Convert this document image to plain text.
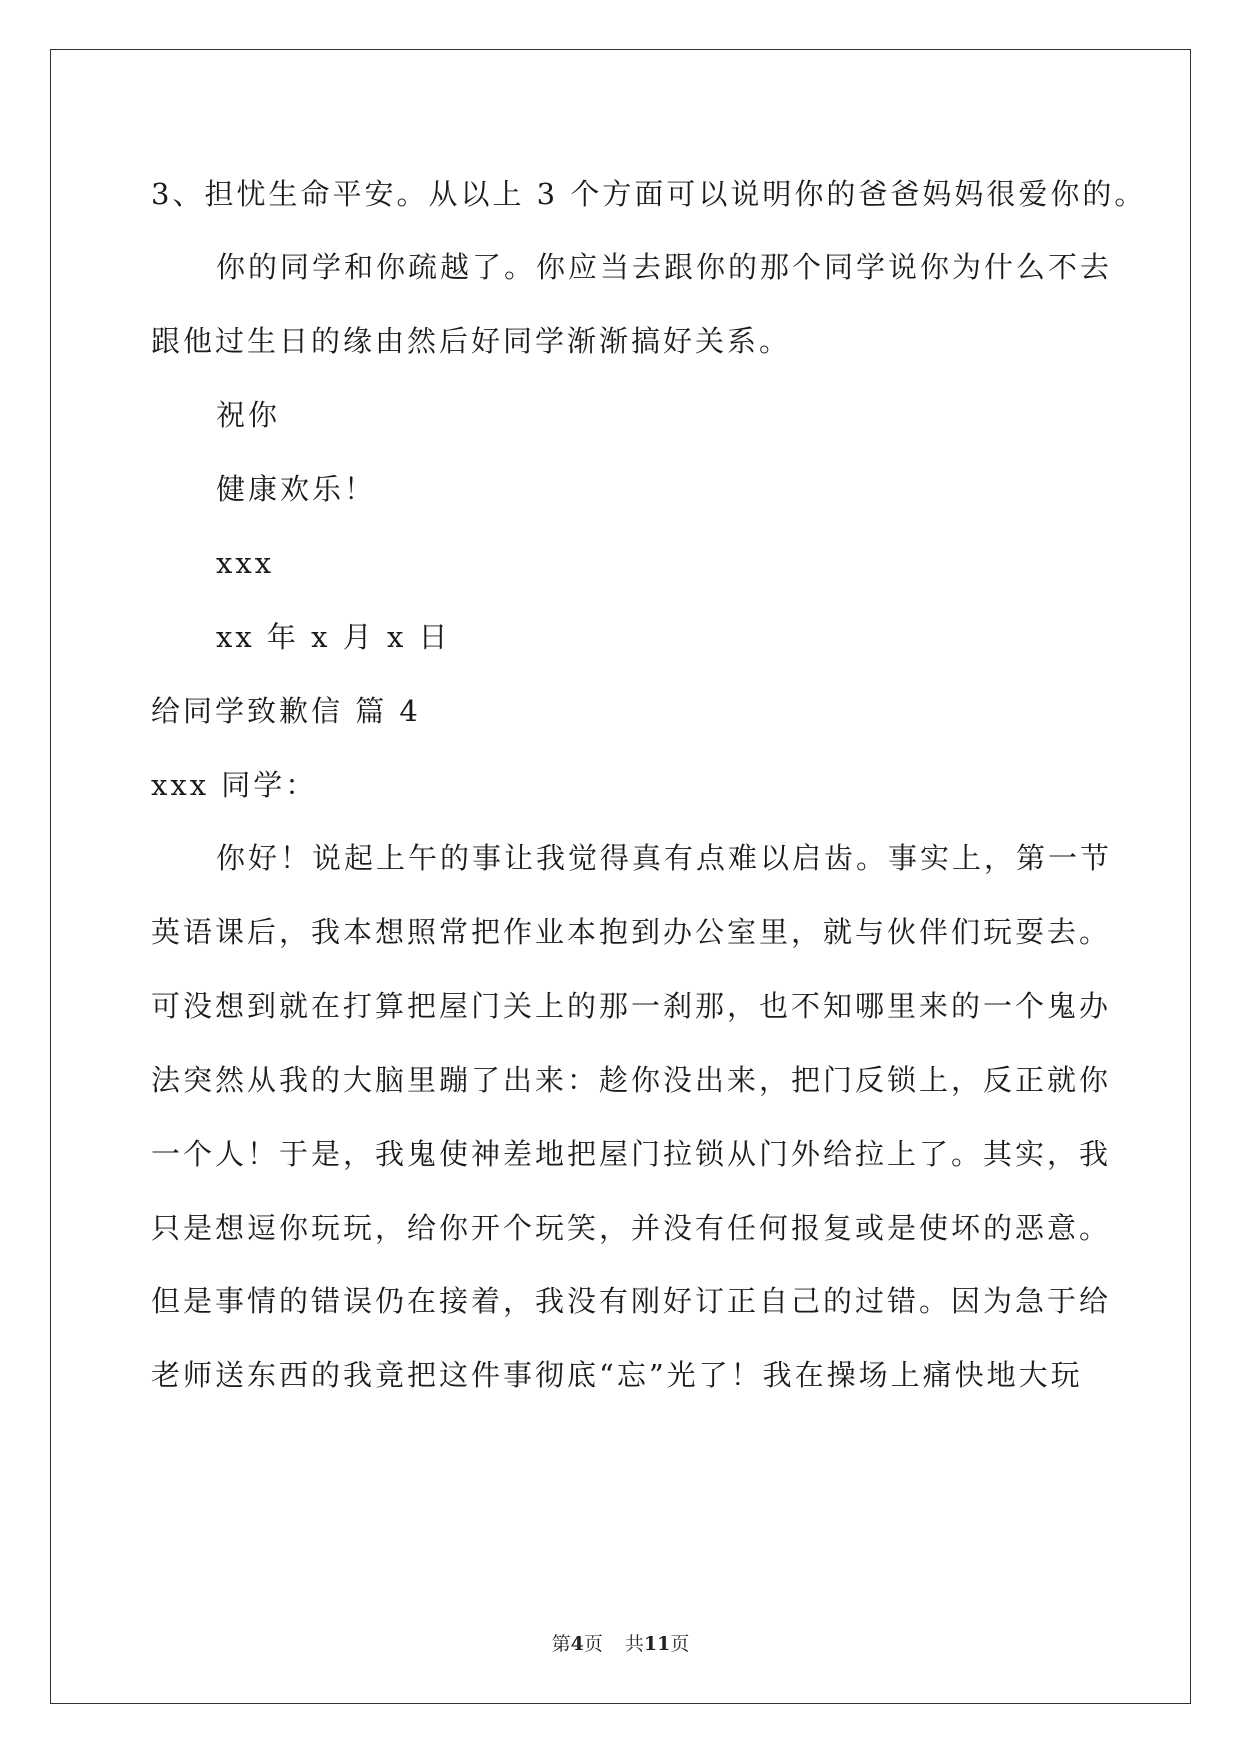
3、担忧生命平安。从以上 3 个方面可以说明你的爸爸妈妈很爱你的。
你的同学和你疏越了。你应当去跟你的那个同学说你为什么不去
跟他过生日的缘由然后好同学渐渐搞好关系。
祝你
健康欢乐！
xxx
xx 年 x 月 x 日
给同学致歉信 篇 4
xxx 同学：
你好！说起上午的事让我觉得真有点难以启齿。事实上，第一节
英语课后，我本想照常把作业本抱到办公室里，就与伙伴们玩耍去。
可没想到就在打算把屋门关上的那一刹那，也不知哪里来的一个鬼办
法突然从我的大脑里蹦了出来：趁你没出来，把门反锁上，反正就你
一个人！于是，我鬼使神差地把屋门拉锁从门外给拉上了。其实，我
只是想逗你玩玩，给你开个玩笑，并没有任何报复或是使坏的恶意。
但是事情的错误仍在接着，我没有刚好订正自己的过错。因为急于给
老师送东西的我竟把这件事彻底“忘”光了！我在操场上痛快地大玩
第4页 共11页
